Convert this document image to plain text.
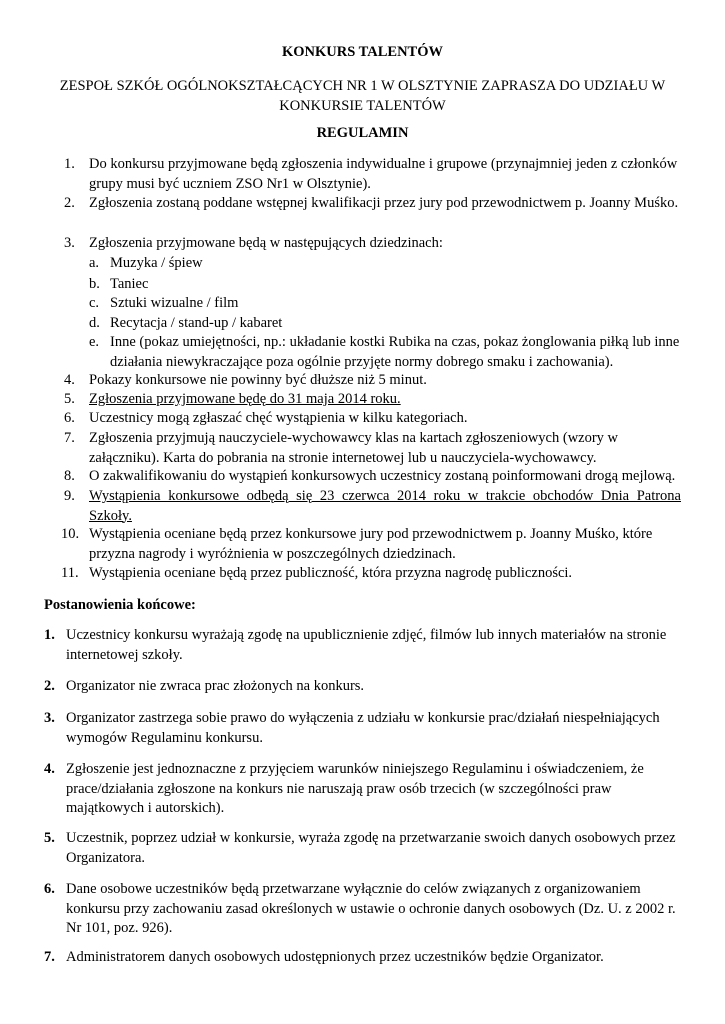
KONKURS TALENTÓW
ZESPOŁ SZKÓŁ OGÓLNOKSZTAŁCĄCYCH NR 1 W OLSZTYNIE ZAPRASZA DO UDZIAŁU W KONKURSIE TALENTÓW
REGULAMIN
1. Do konkursu przyjmowane będą zgłoszenia indywidualne i grupowe (przynajmniej jeden z członków grupy musi być uczniem ZSO Nr1 w Olsztynie).
2. Zgłoszenia zostaną poddane wstępnej kwalifikacji przez jury pod przewodnictwem p. Joanny Muśko.
3. Zgłoszenia przyjmowane będą w następujących dziedzinach:
a. Muzyka / śpiew
b. Taniec
c. Sztuki wizualne / film
d. Recytacja / stand-up / kabaret
e. Inne (pokaz umiejętności, np.: układanie kostki Rubika na czas, pokaz żonglowania piłką lub inne działania niewykraczające poza ogólnie przyjęte normy dobrego smaku i zachowania).
4. Pokazy konkursowe nie powinny być dłuższe niż 5 minut.
5. Zgłoszenia przyjmowane będę do 31 maja 2014 roku.
6. Uczestnicy mogą zgłaszać chęć wystąpienia w kilku kategoriach.
7. Zgłoszenia przyjmują nauczyciele-wychowawcy klas na kartach zgłoszeniowych (wzory w załączniku). Karta do pobrania na stronie internetowej lub u nauczyciela-wychowawcy.
8. O zakwalifikowaniu do wystąpień konkursowych uczestnicy zostaną poinformowani drogą mejlową.
9. Wystąpienia konkursowe odbędą się 23 czerwca 2014 roku w trakcie obchodów Dnia Patrona
Szkoły.
10. Wystąpienia oceniane będą przez konkursowe jury pod przewodnictwem p. Joanny Muśko, które przyzna nagrody i wyróżnienia w poszczególnych dziedzinach.
11. Wystąpienia oceniane będą przez publiczność, która przyzna nagrodę publiczności.
Postanowienia końcowe:
1. Uczestnicy konkursu wyrażają zgodę na upublicznienie zdjęć, filmów lub innych materiałów na stronie internetowej szkoły.
2. Organizator nie zwraca prac złożonych na konkurs.
3. Organizator zastrzega sobie prawo do wyłączenia z udziału w konkursie prac/działań niespełniających wymogów Regulaminu konkursu.
4. Zgłoszenie jest jednoznaczne z przyjęciem warunków niniejszego Regulaminu i oświadczeniem, że prace/działania zgłoszone na konkurs nie naruszają praw osób trzecich (w szczególności praw majątkowych i autorskich).
5. Uczestnik, poprzez udział w konkursie, wyraża zgodę na przetwarzanie swoich danych osobowych przez Organizatora.
6. Dane osobowe uczestników będą przetwarzane wyłącznie do celów związanych z organizowaniem konkursu przy zachowaniu zasad określonych w ustawie o ochronie danych osobowych (Dz. U. z 2002 r. Nr 101, poz. 926).
7. Administratorem danych osobowych udostępnionych przez uczestników będzie Organizator.
